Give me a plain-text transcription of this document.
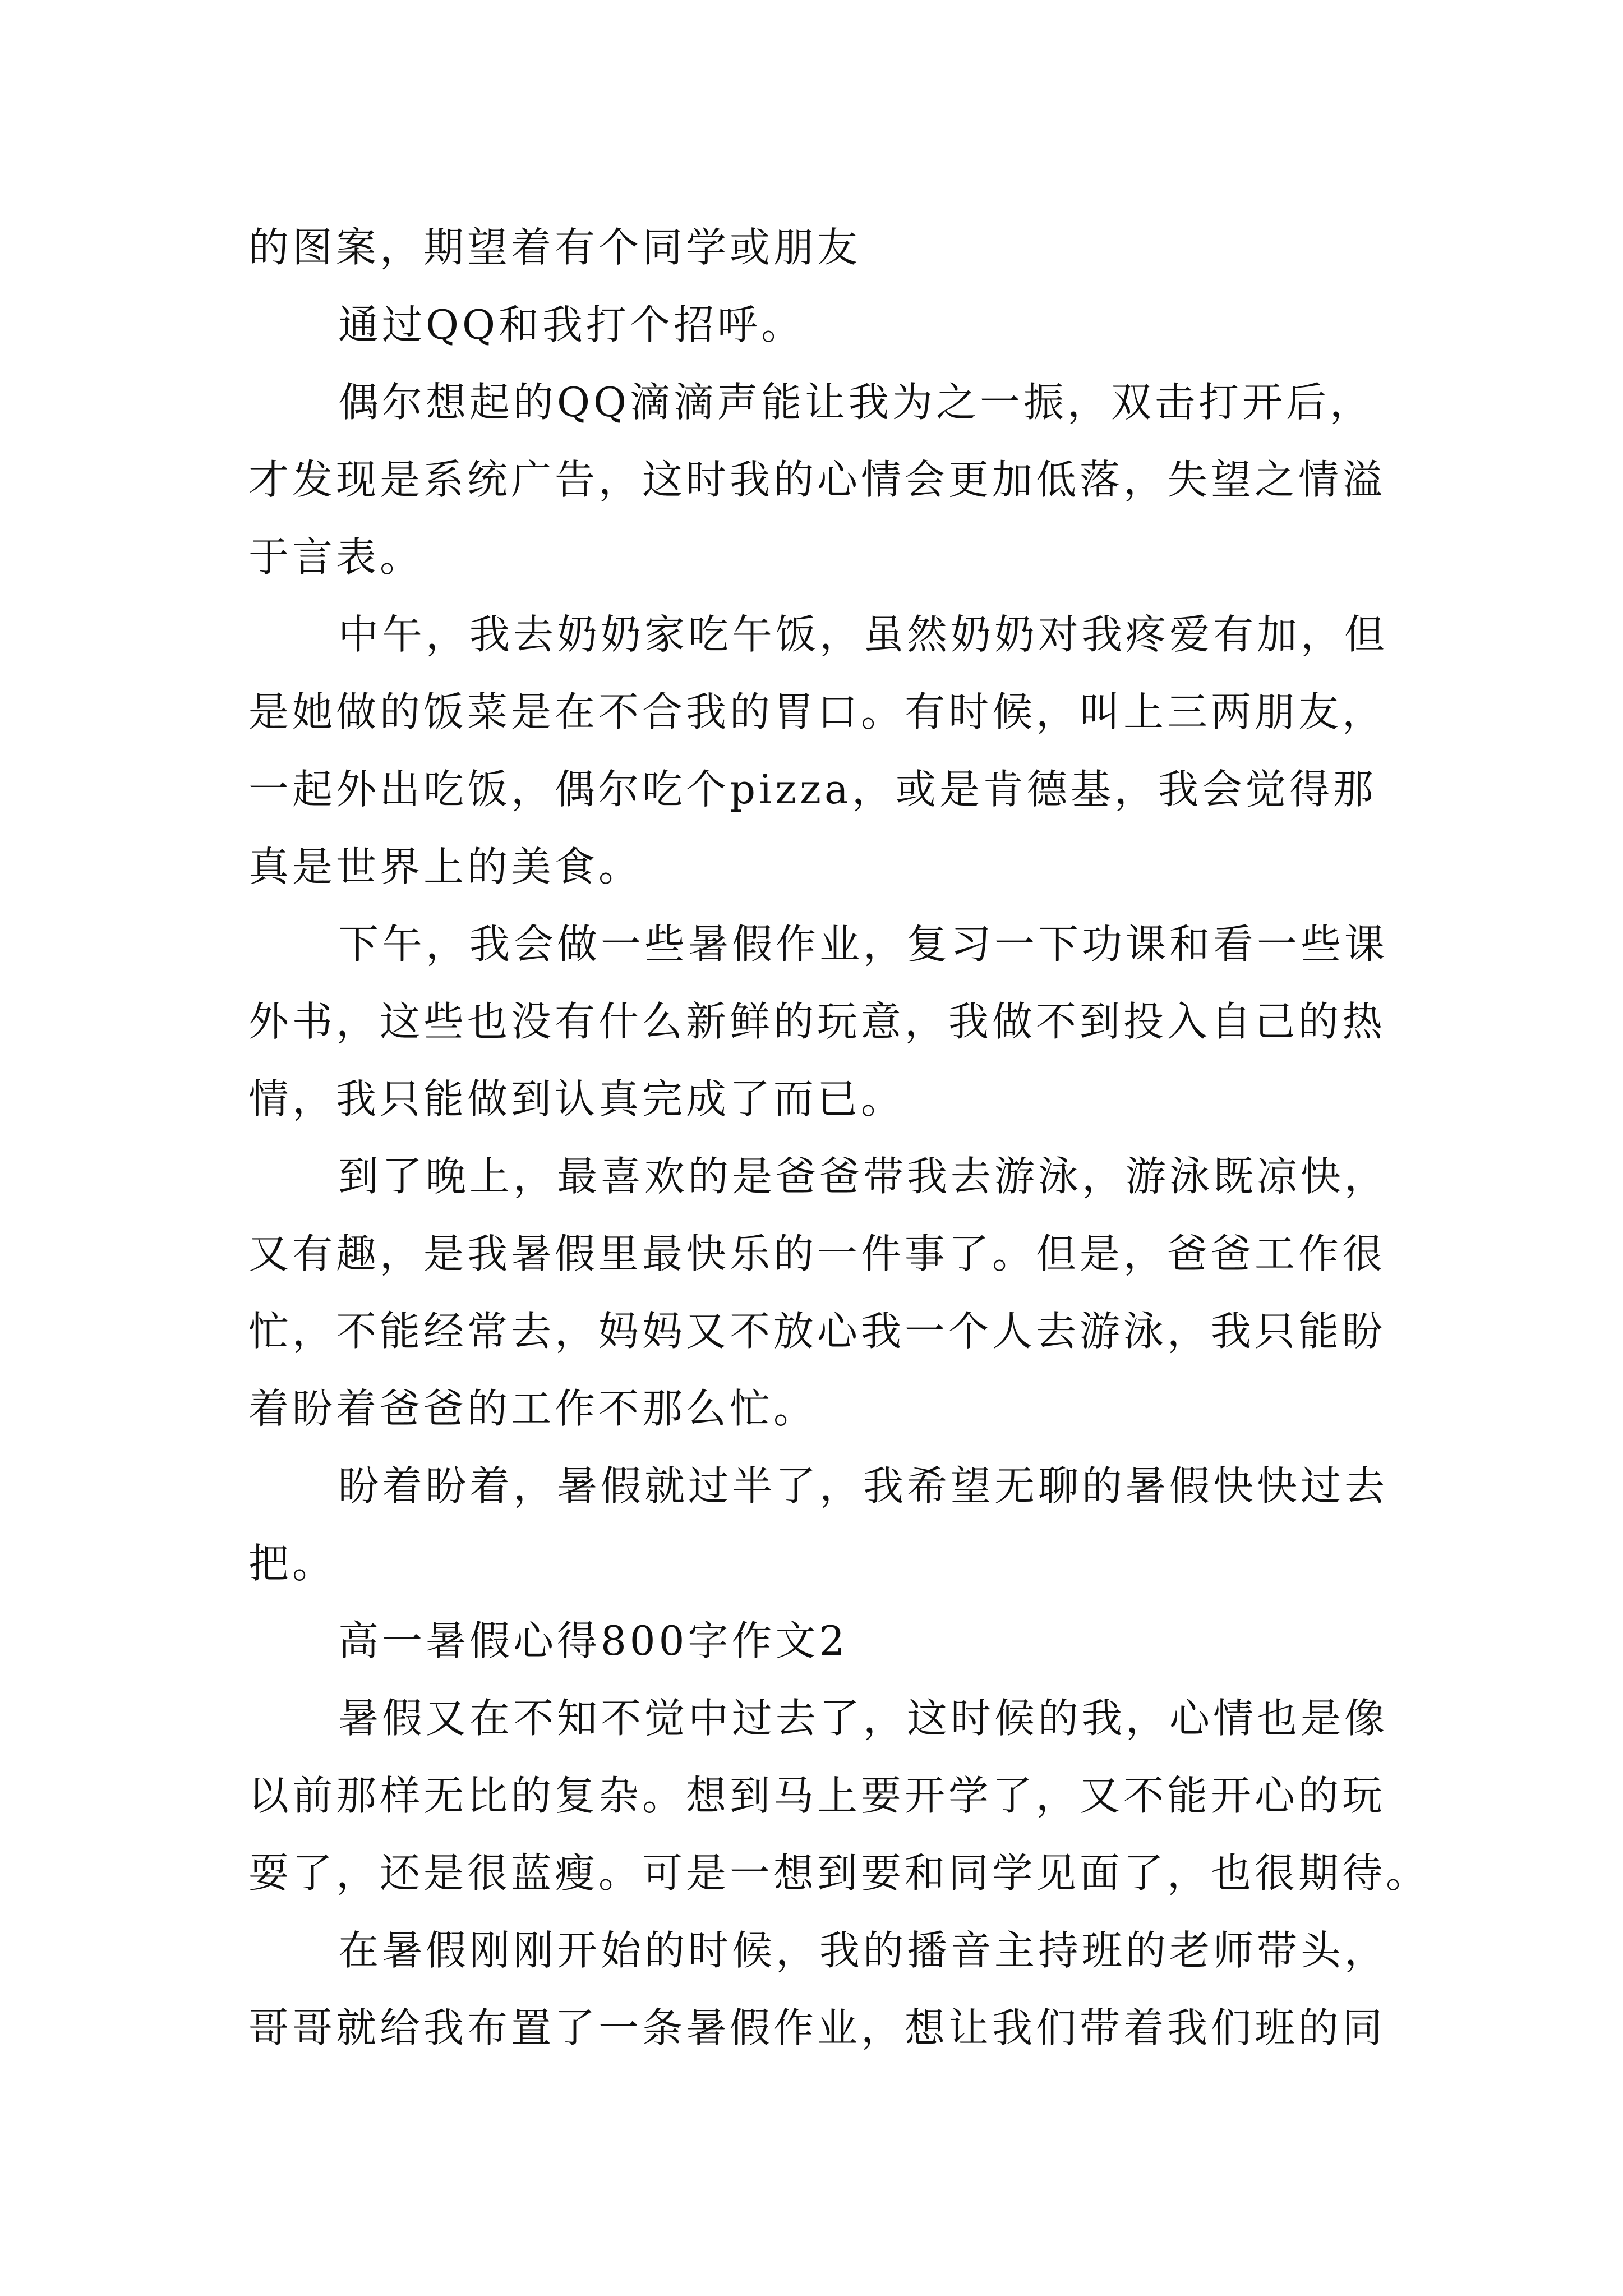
的图案，期望着有个同学或朋友
通过QQ和我打个招呼。
偶尔想起的QQ滴滴声能让我为之一振，双击打开后，
才发现是系统广告，这时我的心情会更加低落，失望之情溢
于言表。
中午，我去奶奶家吃午饭，虽然奶奶对我疼爱有加，但
是她做的饭菜是在不合我的胃口。有时候，叫上三两朋友，
一起外出吃饭，偶尔吃个pizza，或是肯德基，我会觉得那
真是世界上的美食。
下午，我会做一些暑假作业，复习一下功课和看一些课
外书，这些也没有什么新鲜的玩意，我做不到投入自己的热
情，我只能做到认真完成了而已。
到了晚上，最喜欢的是爸爸带我去游泳，游泳既凉快，
又有趣，是我暑假里最快乐的一件事了。但是，爸爸工作很
忙，不能经常去，妈妈又不放心我一个人去游泳，我只能盼
着盼着爸爸的工作不那么忙。
盼着盼着，暑假就过半了，我希望无聊的暑假快快过去
把。
高一暑假心得800字作文2
暑假又在不知不觉中过去了，这时候的我，心情也是像
以前那样无比的复杂。想到马上要开学了，又不能开心的玩
耍了，还是很蓝瘦。可是一想到要和同学见面了，也很期待。
在暑假刚刚开始的时候，我的播音主持班的老师带头，
哥哥就给我布置了一条暑假作业，想让我们带着我们班的同
